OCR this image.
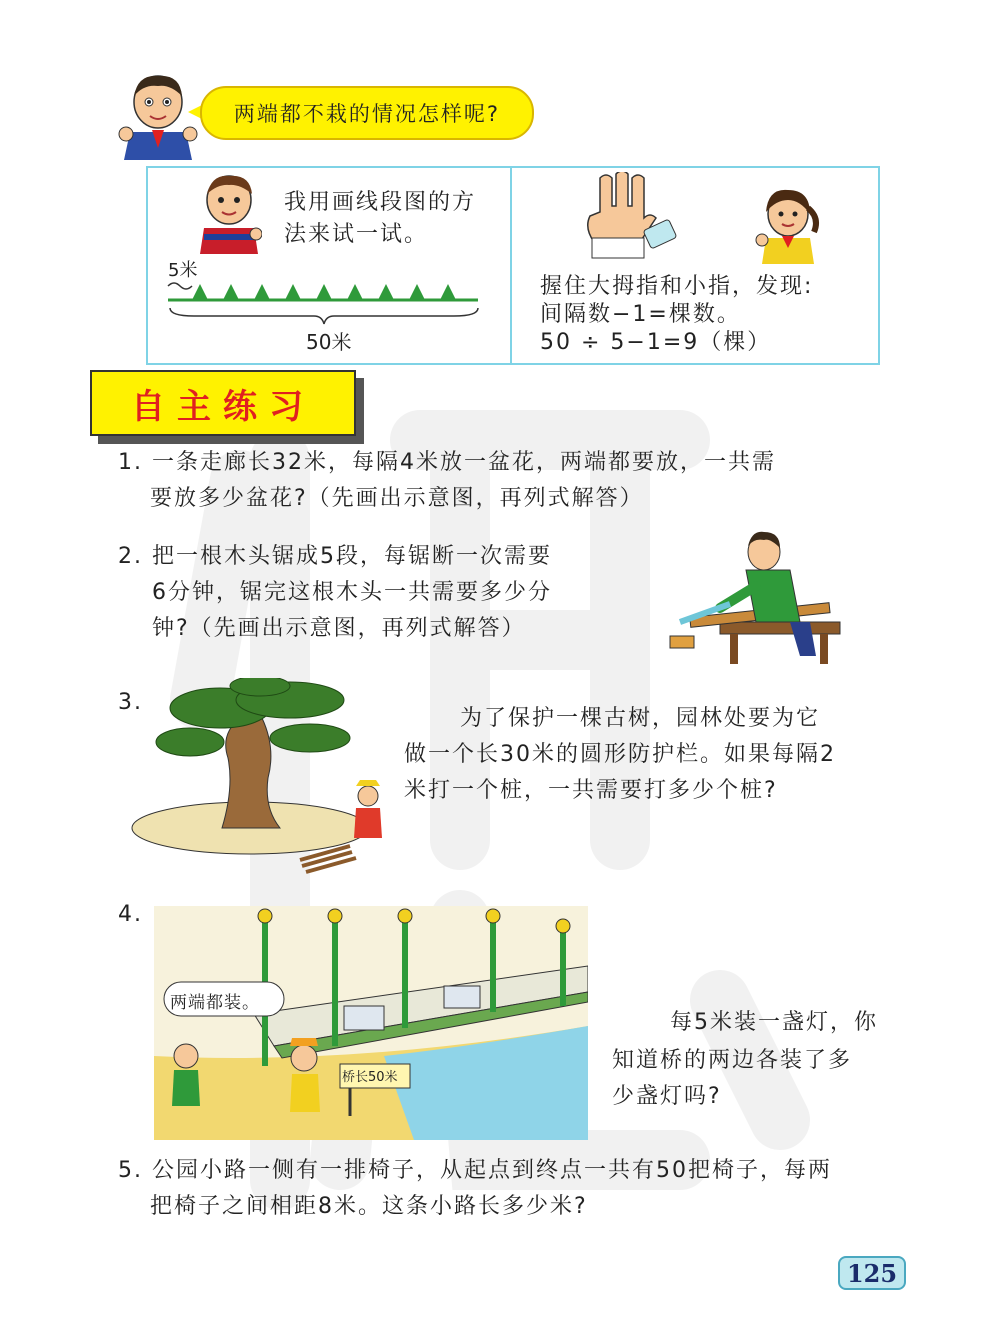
两端都不栽的情况怎样呢?
我用画线段图的方
法来试一试。
5米
50米
握住大拇指和小指，发现:
间隔数−1=棵数。
50 ÷ 5−1=9（棵）
自主练习
1. 一条走廊长32米，每隔4米放一盆花，两端都要放，一共需
要放多少盆花?（先画出示意图，再列式解答）
2. 把一根木头锯成5段，每锯断一次需要
6分钟，锯完这根木头一共需要多少分
钟?（先画出示意图，再列式解答）
3.
为了保护一棵古树，园林处要为它
做一个长30米的圆形防护栏。如果每隔2
米打一个桩，一共需要打多少个桩?
4.
两端都装。
桥长50米
每5米装一盏灯，你
知道桥的两边各装了多
少盏灯吗?
5. 公园小路一侧有一排椅子，从起点到终点一共有50把椅子，每两
把椅子之间相距8米。这条小路长多少米?
125
